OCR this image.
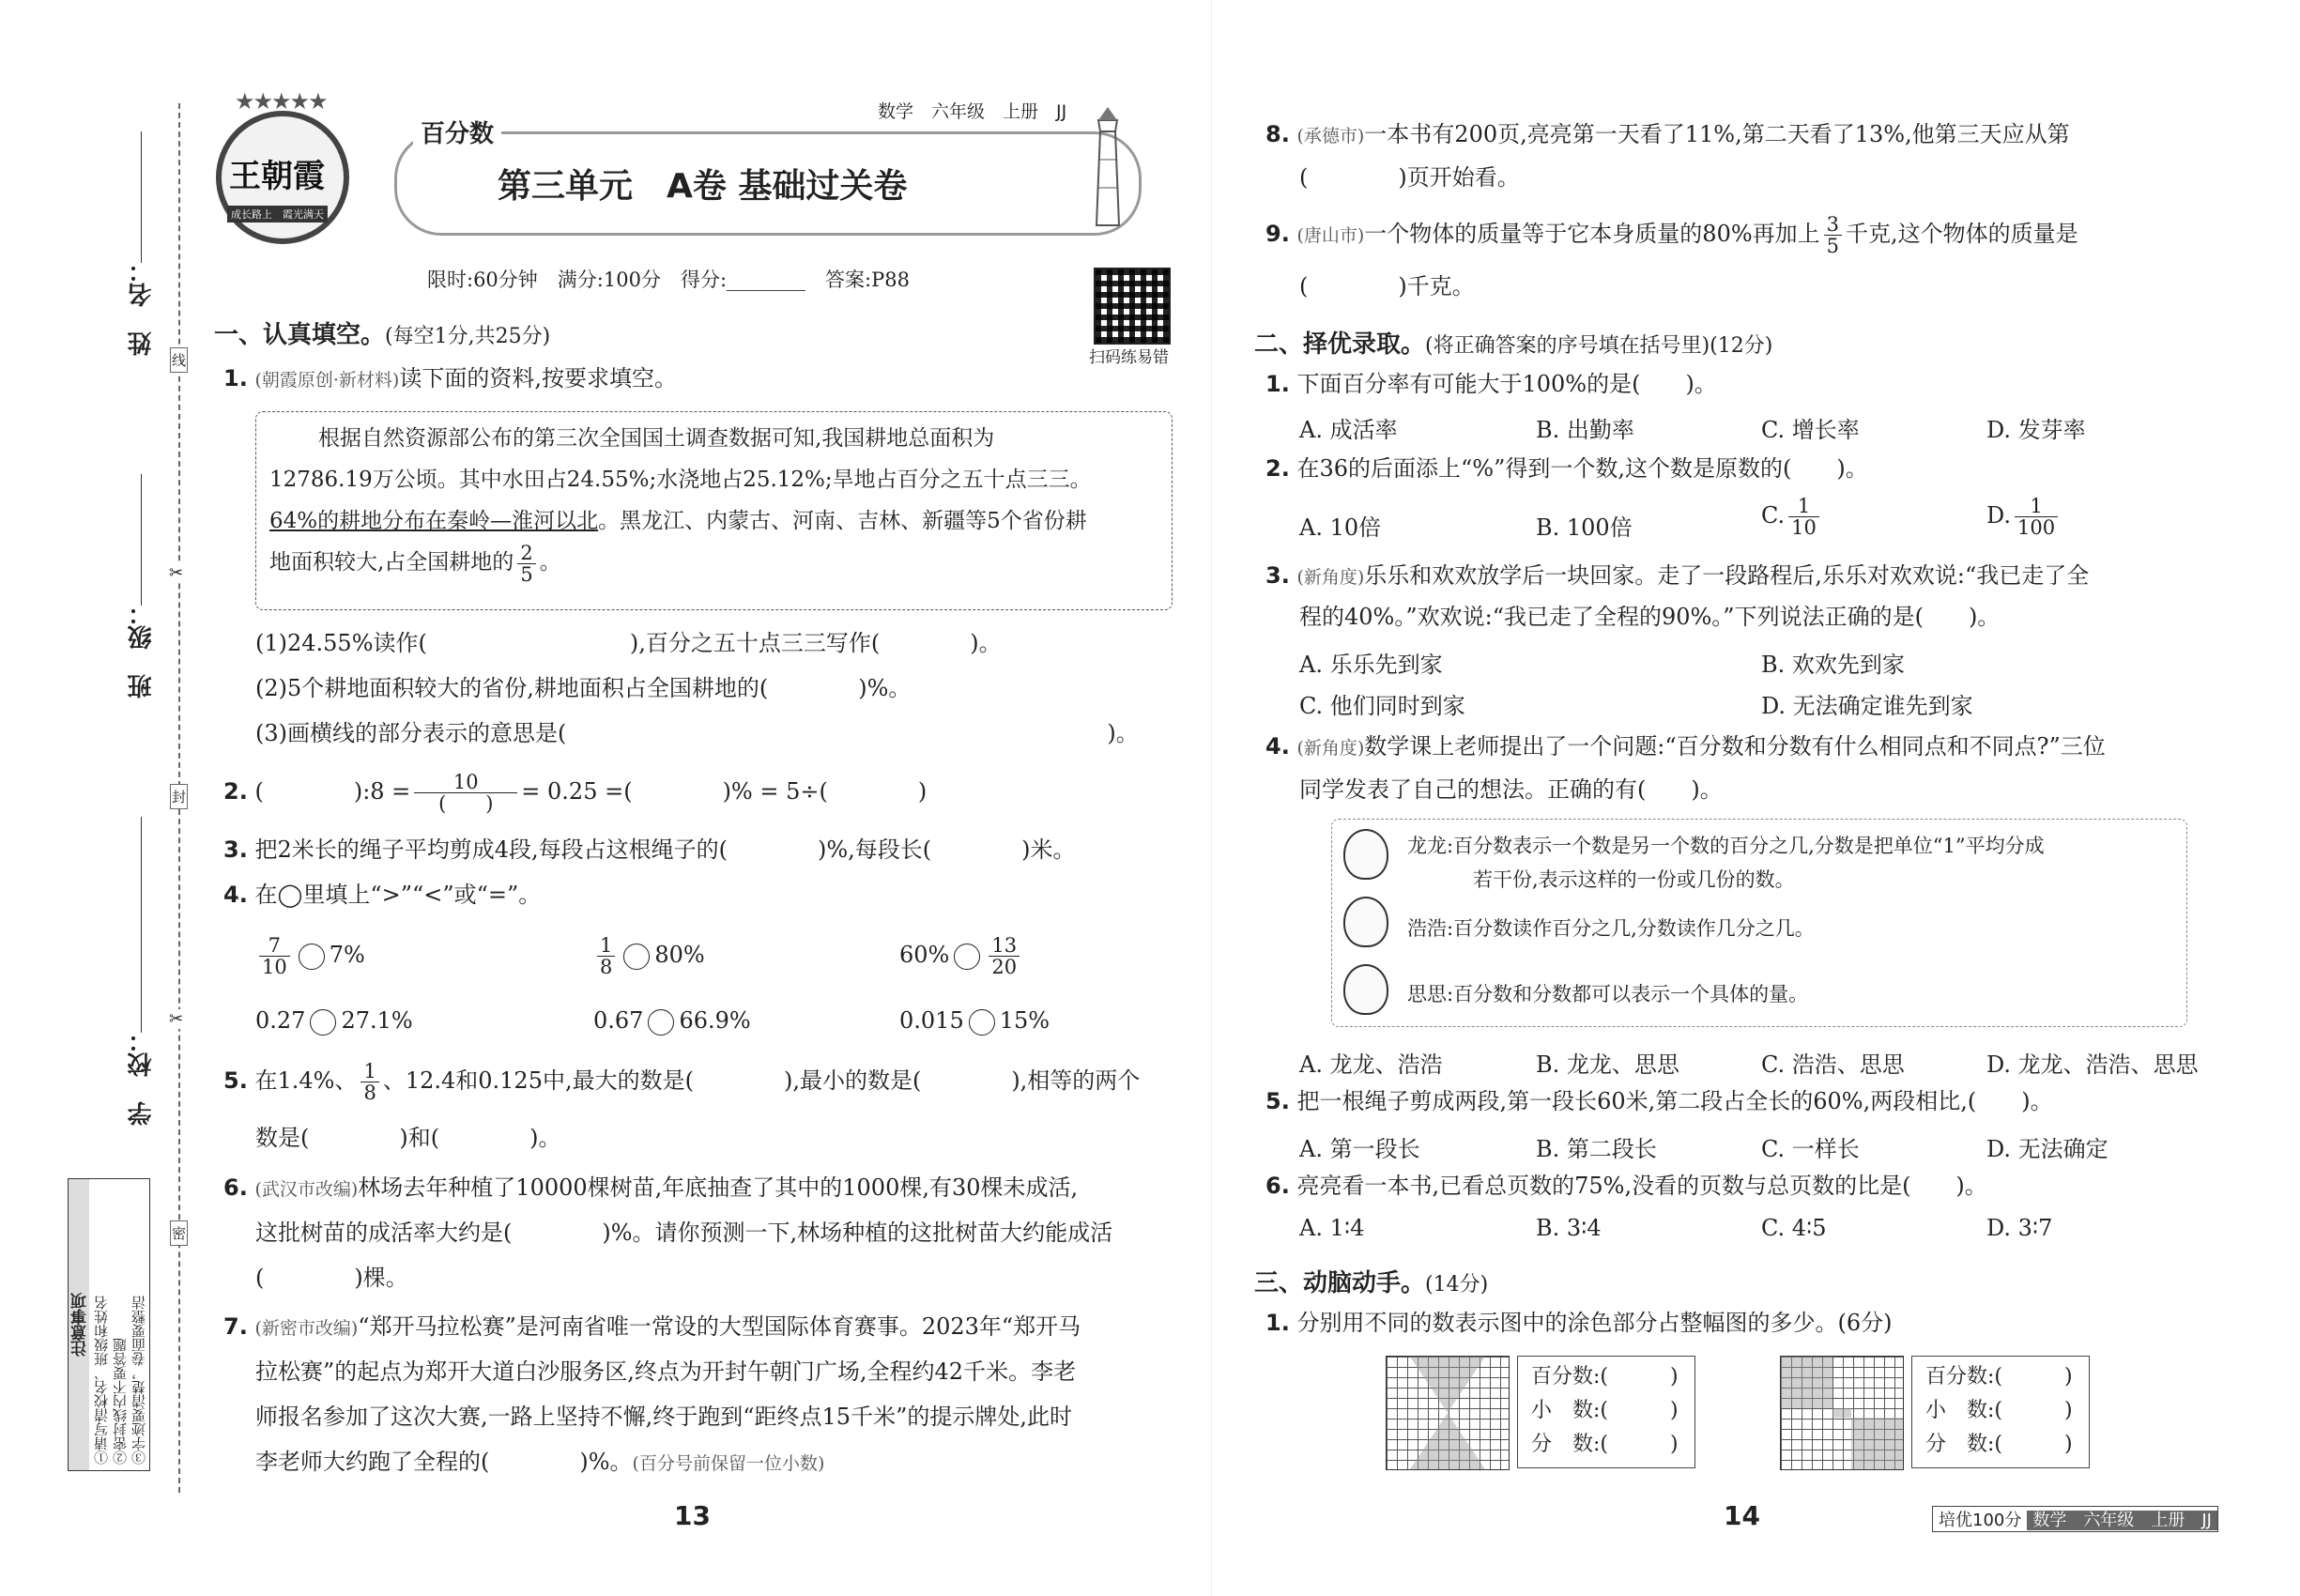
姓　名：
班　级：
学　校：
线
✂
封
✂
密
注意事项 ①请写清校名、班级和姓名 ②密封线内不要答题 ③字迹要清楚，卷面要整洁
★★★★★
王朝霞
成长路上　 霞光满天
百分数
数学　六年级　上册　JJ
第三单元　A卷 基础过关卷
限时:60分钟　满分:100分　得分:________　答案:P88
扫码练易错
一、认真填空。(每空1分,共25分)
1. (朝霞原创·新材料)读下面的资料,按要求填空。
根据自然资源部公布的第三次全国国土调查数据可知,我国耕地总面积为
12786.19万公顷。其中水田占24.55%;水浇地占25.12%;旱地占百分之五十点三三。
64%的耕地分布在秦岭—淮河以北。黑龙江、内蒙古、河南、吉林、新疆等5个省份耕
地面积较大,占全国耕地的 $\frac{2}{5}$ 。
(1)24.55%读作(　　　　　　　　　),百分之五十点三三写作(　　　　)。
(2)5个耕地面积较大的省份,耕地面积占全国耕地的(　　　　)%。
(3)画横线的部分表示的意思是(　　　　　　　　　　　　　　　　　　　　　　　　)。
2. (　　　　):8 = $\frac{10}{( )} = 0.25$ =(　　　　)% = 5÷(　　　　)
3. 把2米长的绳子平均剪成4段,每段占这根绳子的(　　　　)%,每段长(　　　　)米。
4. 在◯里填上“>”“<”或“=”。
$\frac{7}{10} 7\%$	$\frac{1}{8} 80\%$	$60\% \frac{13}{20}$
0.27 27.1%	0.67 66.9%	0.015 15%
5. 在1.4%、 $\frac{1}{8}$ 、12.4和0.125中,最大的数是(　　　　),最小的数是(　　　　),相等的两个
数是(　　　　)和(　　　　)。
6. (武汉市改编)林场去年种植了10000棵树苗,年底抽查了其中的1000棵,有30棵未成活,
这批树苗的成活率大约是(　　　　)%。请你预测一下,林场种植的这批树苗大约能成活
(　　　　)棵。
7. (新密市改编)“郑开马拉松赛”是河南省唯一常设的大型国际体育赛事。2023年“郑开马
拉松赛”的起点为郑开大道白沙服务区,终点为开封午朝门广场,全程约42千米。李老
师报名参加了这次大赛,一路上坚持不懈,终于跑到“距终点15千米”的提示牌处,此时
李老师大约跑了全程的(　　　　)%。(百分号前保留一位小数)
13
8. (承德市)一本书有200页,亮亮第一天看了11%,第二天看了13%,他第三天应从第
(　　　　)页开始看。
9. (唐山市)一个物体的质量等于它本身质量的80%再加上 $\frac{3}{5}$ 千克,这个物体的质量是
(　　　　)千克。
二、择优录取。(将正确答案的序号填在括号里)(12分)
1. 下面百分率有可能大于100%的是(　　)。
A. 成活率	B. 出勤率	C. 增长率	D. 发芽率
2. 在36的后面添上“%”得到一个数,这个数是原数的(　　)。
A. 10倍	B. 100倍	C. $\frac{1}{10}$	D. $\frac{1}{100}$
3. (新角度)乐乐和欢欢放学后一块回家。走了一段路程后,乐乐对欢欢说:“我已走了全
程的40%。”欢欢说:“我已走了全程的90%。”下列说法正确的是(　　)。
A. 乐乐先到家	B. 欢欢先到家
C. 他们同时到家	D. 无法确定谁先到家
4. (新角度)数学课上老师提出了一个问题:“百分数和分数有什么相同点和不同点?”三位
同学发表了自己的想法。正确的有(　　)。
龙龙:百分数表示一个数是另一个数的百分之几,分数是把单位“1”平均分成
若干份,表示这样的一份或几份的数。
浩浩:百分数读作百分之几,分数读作几分之几。
思思:百分数和分数都可以表示一个具体的量。
A. 龙龙、浩浩	B. 龙龙、思思	C. 浩浩、思思	D. 龙龙、浩浩、思思
5. 把一根绳子剪成两段,第一段长60米,第二段占全长的60%,两段相比,(　　)。
A. 第一段长	B. 第二段长	C. 一样长	D. 无法确定
6. 亮亮看一本书,已看总页数的75%,没看的页数与总页数的比是(　　)。
A. 1∶4	B. 3∶4	C. 4∶5	D. 3∶7
三、动脑动手。(14分)
1. 分别用不同的数表示图中的涂色部分占整幅图的多少。(6分)
百分数:(　　　)
小　数:(　　　)
分　数:(　　　)
百分数:(　　　)
小　数:(　　　)
分　数:(　　　)
14	培优100分 数学　六年级　上册　JJ
